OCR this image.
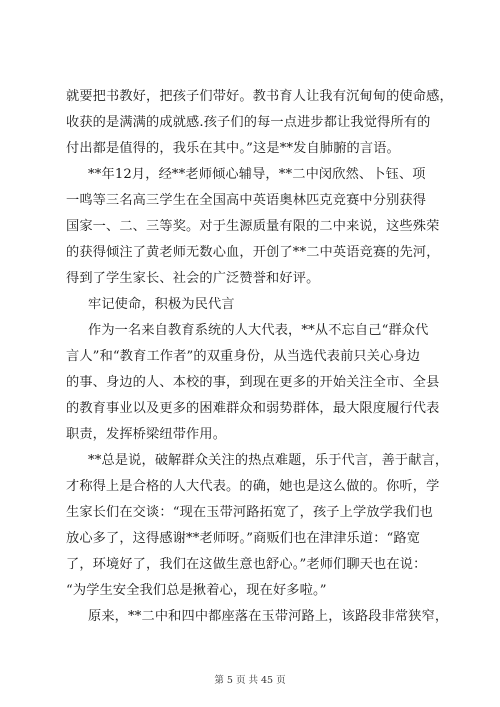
就要把书教好，把孩子们带好。教书育人让我有沉甸甸的使命感，
收获的是满满的成就感.孩子们的每一点进步都让我觉得所有的
付出都是值得的，我乐在其中。”这是**发自肺腑的言语。
**年12月，经**老师倾心辅导，**二中闵欣然、卜钰、项
一鸣等三名高三学生在全国高中英语奥林匹克竞赛中分别获得
国家一、二、三等奖。对于生源质量有限的二中来说，这些殊荣
的获得倾注了黄老师无数心血，开创了**二中英语竞赛的先河，
得到了学生家长、社会的广泛赞誉和好评。
牢记使命，积极为民代言
作为一名来自教育系统的人大代表，**从不忘自己“群众代
言人”和“教育工作者”的双重身份，从当选代表前只关心身边
的事、身边的人、本校的事，到现在更多的开始关注全市、全县
的教育事业以及更多的困难群众和弱势群体，最大限度履行代表
职责，发挥桥梁纽带作用。
**总是说，破解群众关注的热点难题，乐于代言，善于献言，
才称得上是合格的人大代表。的确，她也是这么做的。你听，学
生家长们在交谈：“现在玉带河路拓宽了，孩子上学放学我们也
放心多了，这得感谢**老师呀。”商贩们也在津津乐道：“路宽
了，环境好了，我们在这做生意也舒心。”老师们聊天也在说：
“为学生安全我们总是揪着心，现在好多啦。”
原来，**二中和四中都座落在玉带河路上，该路段非常狭窄，
第 5 页 共 45 页
